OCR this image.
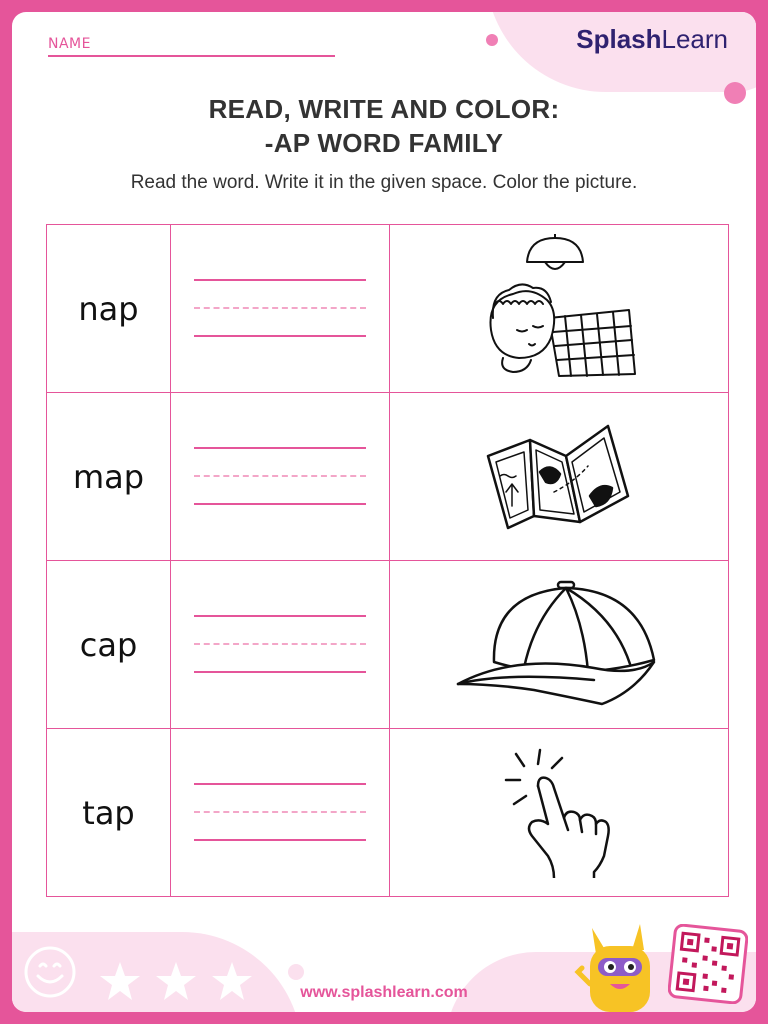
NAME	SplashLearn
READ, WRITE AND COLOR:
-AP WORD FAMILY
Read the word. Write it in the given space. Color the picture.
nap	

map	

cap	

tap	

www.splashlearn.com
